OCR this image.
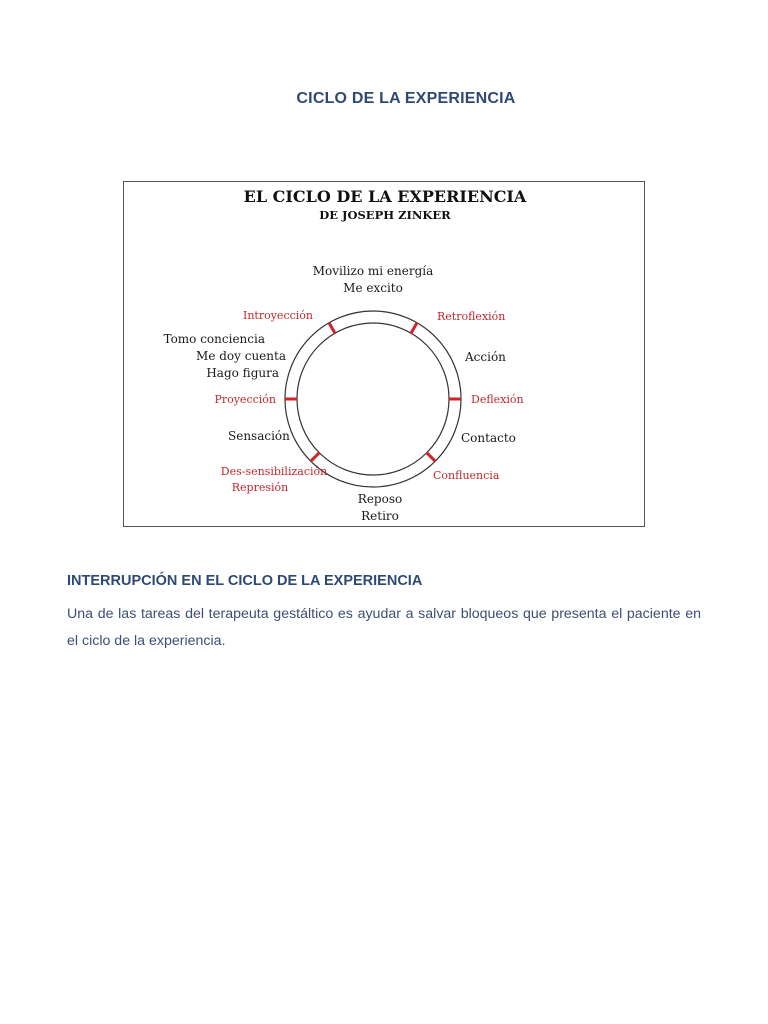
CICLO DE LA EXPERIENCIA
EL CICLO DE LA EXPERIENCIA
DE JOSEPH ZINKER
Movilizo mi energía
Me excito
Acción
Contacto
Reposo
Retiro
Sensación
Tomo conciencia
Me doy cuenta
Hago figura
Introyección	Retroflexión
Deflexión
Confluencia
Proyección
Des-sensibilización
Represión
INTERRUPCIÓN EN EL CICLO DE LA EXPERIENCIA

Una de las tareas del terapeuta gestáltico es ayudar a salvar bloqueos que presenta el paciente en el ciclo de la experiencia.
